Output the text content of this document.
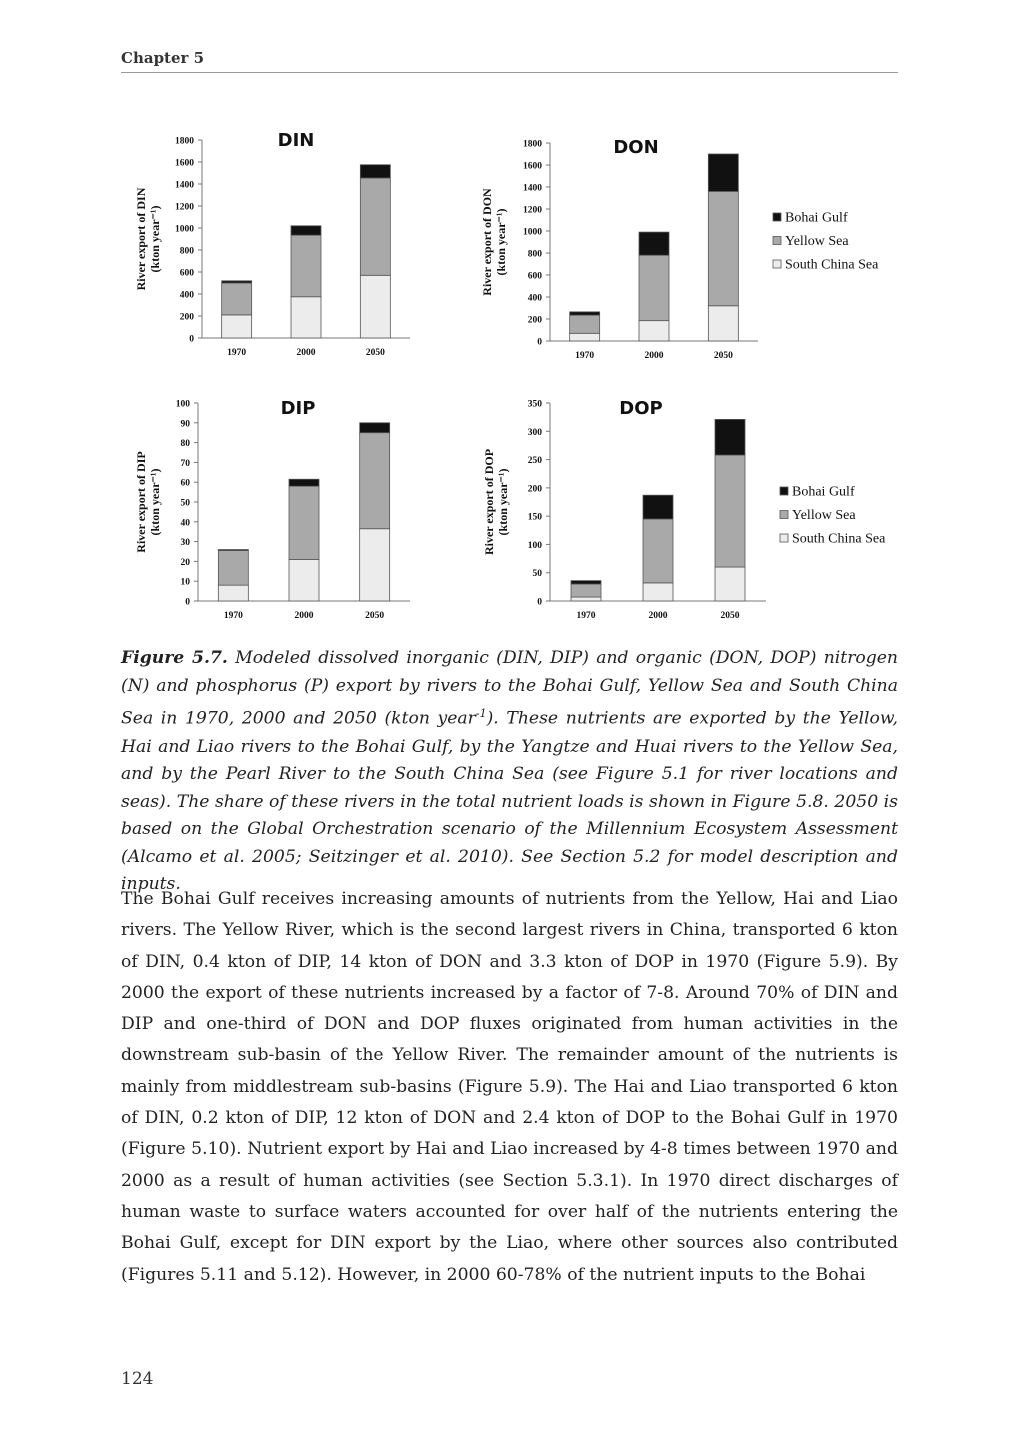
Chapter 5
DIN
0
200
400
600
800
1000
1200
1400
1600
1800
River export of DIN(kton year⁻¹)
1970	2000	2050
DON
0
200
400
600
800
1000
1200
1400
1600
1800
River export of DON(kton year⁻¹)
1970	2000	2050
Bohai Gulf
Yellow Sea
South China Sea
DIP
0
10
20
30
40
50
60
70
80
90
100
River export of DIP(kton year⁻¹)
1970	2000	2050
DOP
0
50
100
150
200
250
300
350
River export of DOP(kton year⁻¹)
1970	2000	2050
Bohai Gulf
Yellow Sea
South China Sea

Figure 5.7. Modeled dissolved inorganic (DIN, DIP) and organic (DON, DOP) nitrogen (N) and phosphorus (P) export by rivers to the Bohai Gulf, Yellow Sea and South China Sea in 1970, 2000 and 2050 (kton year$^{-1}$). These nutrients are exported by the Yellow, Hai and Liao rivers to the Bohai Gulf, by the Yangtze and Huai rivers to the Yellow Sea, and by the Pearl River to the South China Sea (see Figure 5.1 for river locations and seas). The share of these rivers in the total nutrient loads is shown in Figure 5.8. 2050 is based on the Global Orchestration scenario of the Millennium Ecosystem Assessment (Alcamo et al. 2005; Seitzinger et al. 2010). See Section 5.2 for model description and inputs.

The Bohai Gulf receives increasing amounts of nutrients from the Yellow, Hai and Liao rivers. The Yellow River, which is the second largest rivers in China, transported 6 kton of DIN, 0.4 kton of DIP, 14 kton of DON and 3.3 kton of DOP in 1970 (Figure 5.9). By 2000 the export of these nutrients increased by a factor of 7-8. Around 70% of DIN and DIP and one-third of DON and DOP fluxes originated from human activities in the downstream sub-basin of the Yellow River. The remainder amount of the nutrients is mainly from middlestream sub-basins (Figure 5.9). The Hai and Liao transported 6 kton of DIN, 0.2 kton of DIP, 12 kton of DON and 2.4 kton of DOP to the Bohai Gulf in 1970 (Figure 5.10). Nutrient export by Hai and Liao increased by 4-8 times between 1970 and 2000 as a result of human activities (see Section 5.3.1). In 1970 direct discharges of human waste to surface waters accounted for over half of the nutrients entering the Bohai Gulf, except for DIN export by the Liao, where other sources also contributed (Figures 5.11 and 5.12). However, in 2000 60-78% of the nutrient inputs to the Bohai

124
